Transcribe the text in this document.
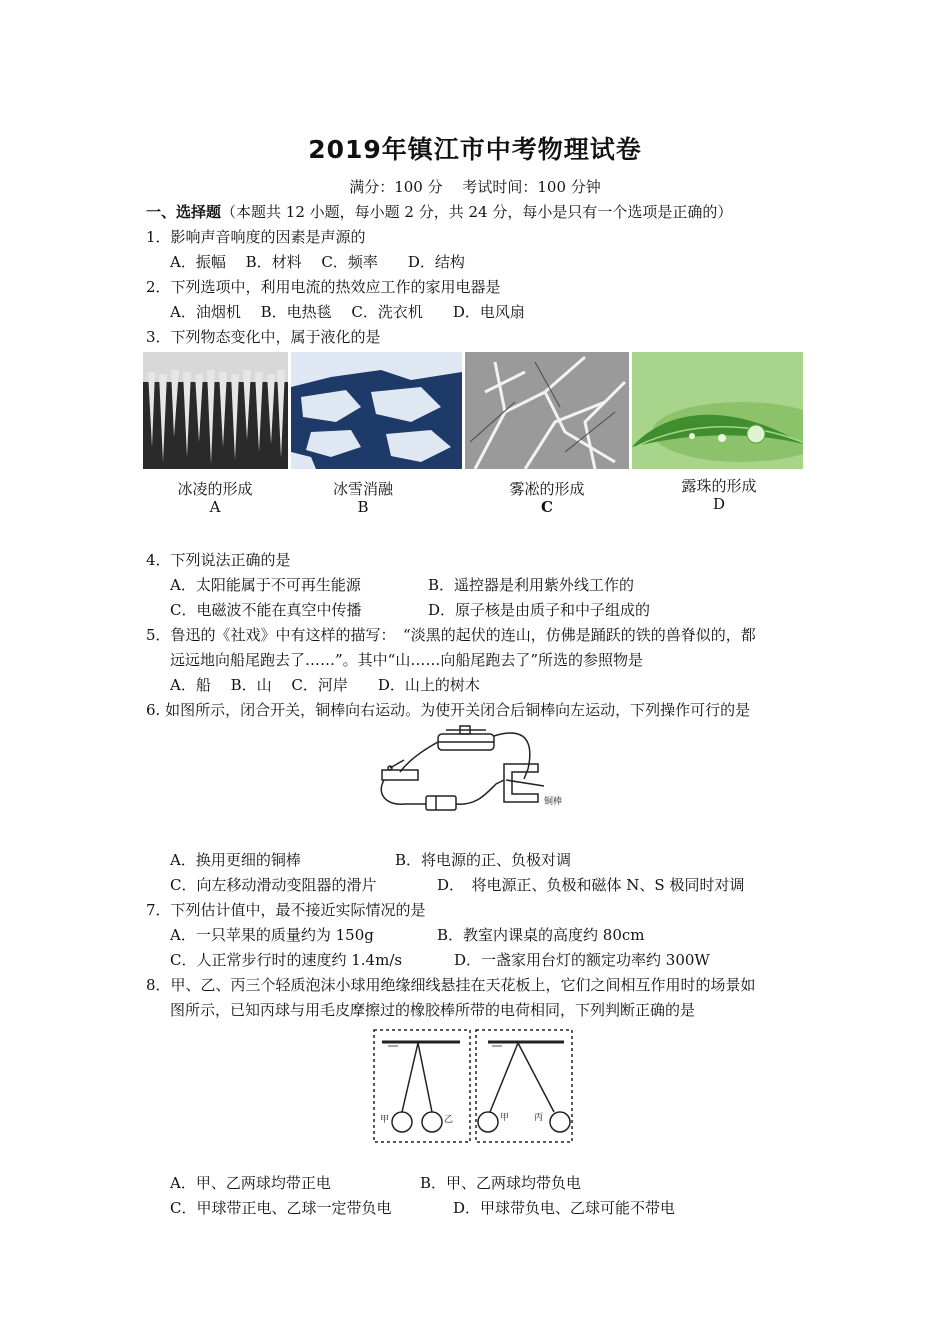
2019年镇江市中考物理试卷
满分：100 分　 考试时间：100 分钟
一、选择题（本题共 12 小题，每小题 2 分，共 24 分，每小是只有一个选项是正确的）
1．影响声音响度的因素是声源的
A．振幅　 B．材料　 C．频率　　D．结构
2．下列选项中，利用电流的热效应工作的家用电器是
A．油烟机　 B．电热毯　 C．洗衣机　　D．电风扇
3．下列物态变化中，属于液化的是
冰凌的形成
A
冰雪消融
B
雾凇的形成
C
露珠的形成
D
4．下列说法正确的是
A．太阳能属于不可再生能源	B．遥控器是利用紫外线工作的
C．电磁波不能在真空中传播	D．原子核是由质子和中子组成的
5．鲁迅的《社戏》中有这样的描写：　“淡黑的起伏的连山，仿佛是踊跃的铁的兽脊似的，都
远远地向船尾跑去了……”。其中“山……向船尾跑去了”所选的参照物是
A．船　 B．山　 C．河岸　　D．山上的树木
6. 如图所示，闭合开关，铜棒向右运动。为使开关闭合后铜棒向左运动，下列操作可行的是
铜棒
A．换用更细的铜棒	B．将电源的正、负极对调
C．向左移动滑动变阻器的滑片	D．　将电源正、负极和磁体 N、S 极同时对调
7．下列估计值中，最不接近实际情况的是
A．一只苹果的质量约为 150g	B．教室内课桌的高度约 80cm
C．人正常步行时的速度约 1.4m/s	D．一盏家用台灯的额定功率约 300W
8．甲、乙、丙三个轻质泡沫小球用绝缘细线悬挂在天花板上，它们之间相互作用时的场景如
图所示，已知丙球与用毛皮摩擦过的橡胶棒所带的电荷相同，下列判断正确的是
甲	乙	甲	丙
A．甲、乙两球均带正电	B．甲、乙两球均带负电
C．甲球带正电、乙球一定带负电	D．甲球带负电、乙球可能不带电
